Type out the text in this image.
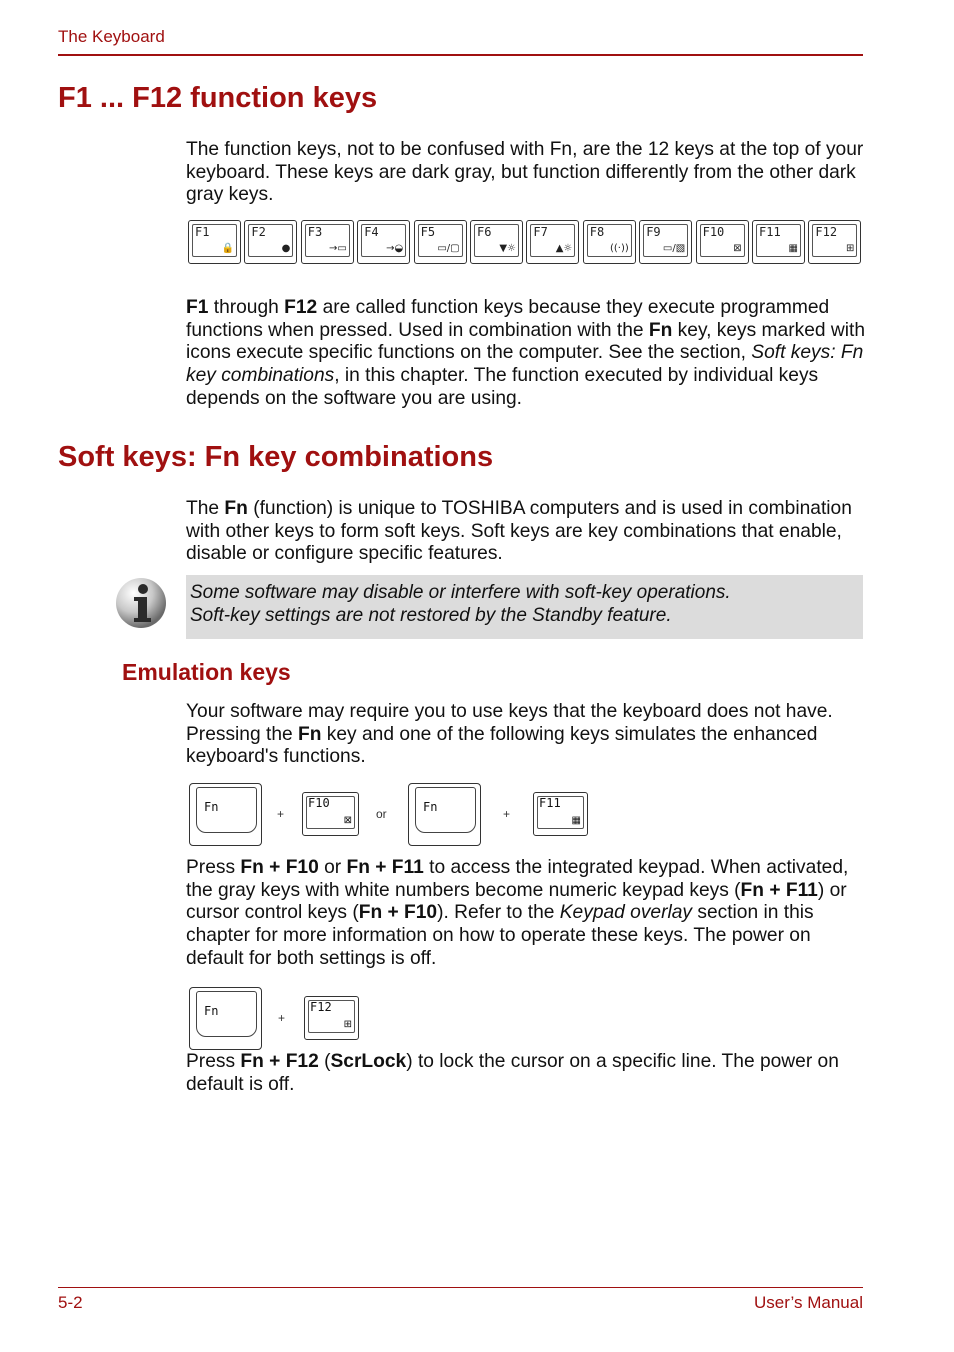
The Keyboard
F1 ... F12 function keys

The function keys, not to be confused with Fn, are the 12 keys at the top of your keyboard. These keys are dark gray, but function differently from the other dark gray keys.

F1
🔒
F2
●
F3
→▭
F4
→◒
F5
▭/▢
F6
▼☼
F7
▲☼
F8
((·))
F9
▭/▧
F10
⊠
F11
▦
F12
⊞

F1 through F12 are called function keys because they execute programmed functions when pressed. Used in combination with the Fn key, keys marked with icons execute specific functions on the computer. See the section, Soft keys: Fn key combinations, in this chapter. The function executed by individual keys depends on the software you are using.

Soft keys: Fn key combinations

The Fn (function) is unique to TOSHIBA computers and is used in combination with other keys to form soft keys. Soft keys are key combinations that enable, disable or configure specific features.

Some software may disable or interfere with soft-key operations.
Soft-key settings are not restored by the Standby feature.
Emulation keys

Your software may require you to use keys that the keyboard does not have. Pressing the Fn key and one of the following keys simulates the enhanced keyboard's functions.

Fn	+
F10
⊠ or	Fn	+
F11
▦

Press Fn + F10 or Fn + F11 to access the integrated keypad. When activated, the gray keys with white numbers become numeric keypad keys (Fn + F11) or cursor control keys (Fn + F10). Refer to the Keypad overlay section in this chapter for more information on how to operate these keys. The power on default for both settings is off.

Fn	+
F12
⊞

Press Fn + F12 (ScrLock) to lock the cursor on a specific line. The power on default is off.

5-2	User’s Manual
